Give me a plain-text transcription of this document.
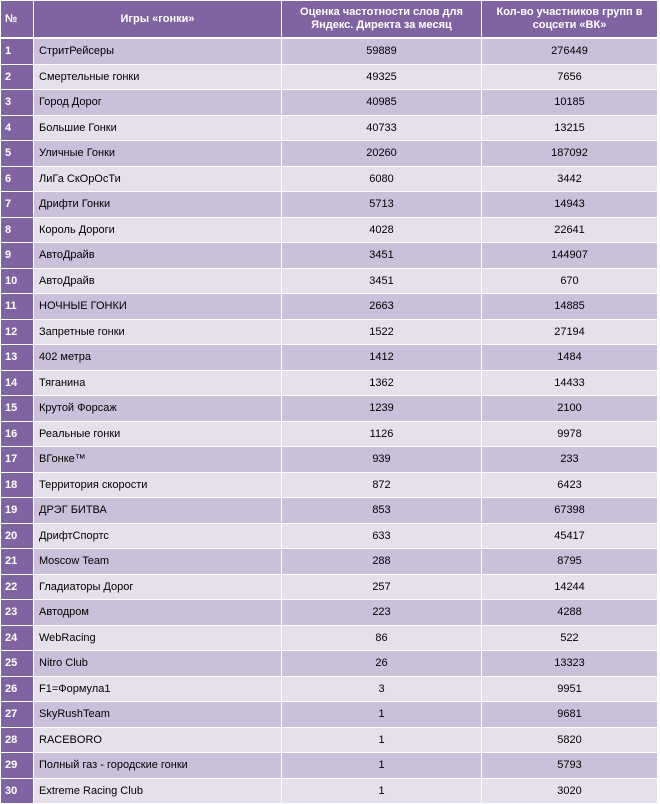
№	Игры «гонки»	Оценка частотности слов для Яндекс. Директа за месяц	Кол-во участников групп в соцсети «ВК»
1	СтритРейсеры	59889	276449
2	Смертельные гонки	49325	7656
3	Город Дорог	40985	10185
4	Большие Гонки	40733	13215
5	Уличные Гонки	20260	187092
6	ЛиГа СкОрОсТи	6080	3442
7	Дрифти Гонки	5713	14943
8	Король Дороги	4028	22641
9	АвтоДрайв	3451	144907
10	АвтоДрайв	3451	670
11	НОЧНЫЕ ГОНКИ	2663	14885
12	Запретные гонки	1522	27194
13	402 метра	1412	1484
14	Тяганина	1362	14433
15	Крутой Форсаж	1239	2100
16	Реальные гонки	1126	9978
17	ВГонке™	939	233
18	Территория скорости	872	6423
19	ДРЭГ БИТВА	853	67398
20	ДрифтСпортс	633	45417
21	Moscow Team	288	8795
22	Гладиаторы Дорог	257	14244
23	Автодром	223	4288
24	WebRacing	86	522
25	Nitro Club	26	13323
26	F1=Формула1	3	9951
27	SkyRushTeam	1	9681
28	RACEBORO	1	5820
29	Полный газ - городские гонки	1	5793
30	Extreme Racing Club	1	3020
